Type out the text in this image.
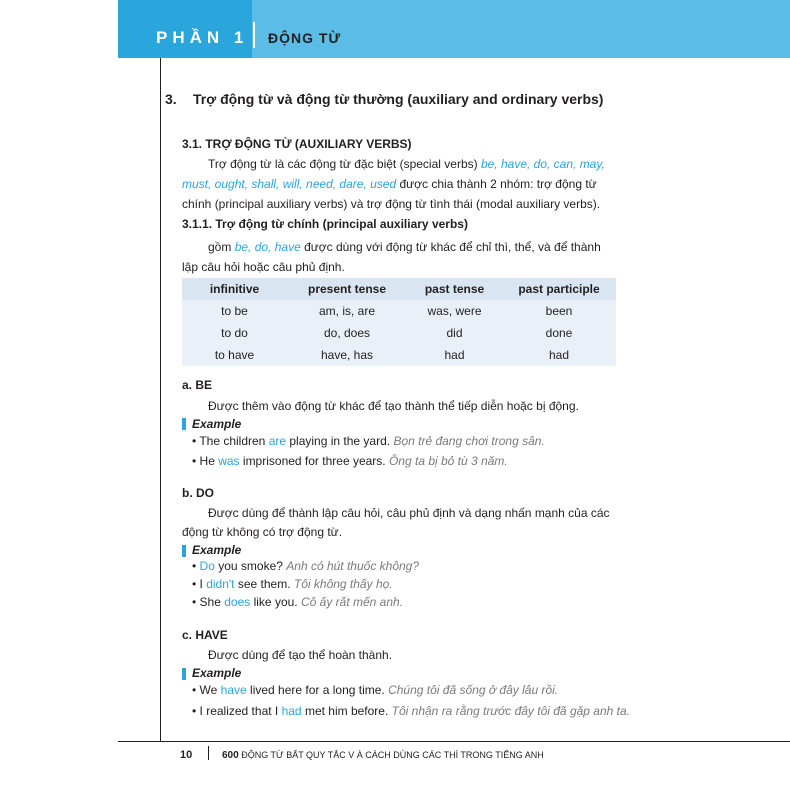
PHẦN 1 ĐỘNG TỪ
3. Trợ động từ và động từ thường (auxiliary and ordinary verbs)
3.1. TRỢ ĐỘNG TỪ (AUXILIARY VERBS)
Trợ động từ là các động từ đặc biệt (special verbs) be, have, do, can, may,
must, ought, shall, will, need, dare, used được chia thành 2 nhóm: trợ động từ
chính (principal auxiliary verbs) và trợ động từ tình thái (modal auxiliary verbs).
3.1.1. Trợ động từ chính (principal auxiliary verbs)
gồm be, do, have được dùng với động từ khác để chỉ thì, thể, và để thành
lập câu hỏi hoặc câu phủ định.
infinitive	present tense	past tense	past participle
to be	am, is, are	was, were	been
to do	do, does	did	done
to have	have, has	had	had
a. BE
Được thêm vào động từ khác để tạo thành thể tiếp diễn hoặc bị động.
Example
• The children are playing in the yard. Bọn trẻ đang chơi trong sân.
• He was imprisoned for three years. Ông ta bị bỏ tù 3 năm.
b. DO
Được dùng để thành lập câu hỏi, câu phủ định và dạng nhấn mạnh của các
động từ không có trợ động từ.
Example
• Do you smoke? Anh có hút thuốc không?
• I didn't see them. Tôi không thấy họ.
• She does like you. Cô ấy rất mến anh.
c. HAVE
Được dùng để tạo thể hoàn thành.
Example
• We have lived here for a long time. Chúng tôi đã sống ở đây lâu rồi.
• I realized that I had met him before. Tôi nhận ra rằng trước đây tôi đã gặp anh ta.
10	600 ĐỘNG TỪ BẤT QUY TẮC V À CÁCH DÙNG CÁC THÌ TRONG TIẾNG ANH
